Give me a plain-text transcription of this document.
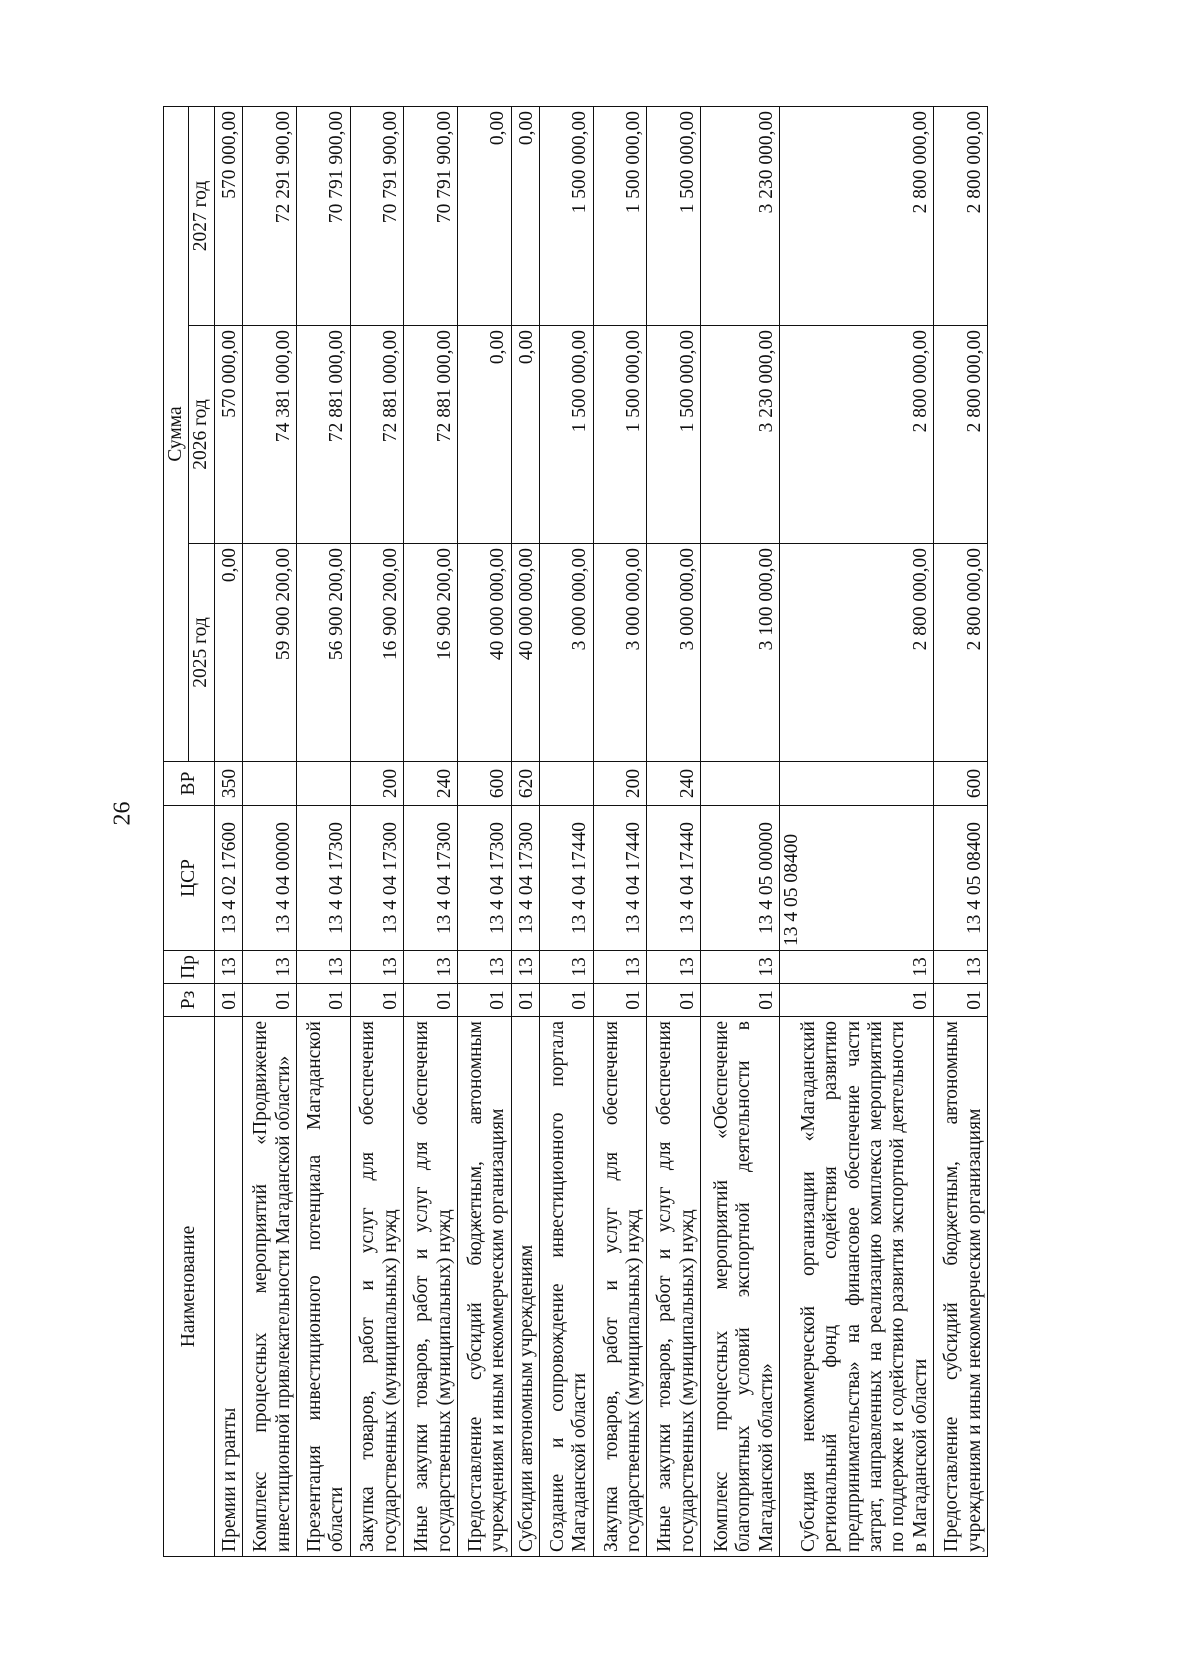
26
Наименование	Рз	Пр	ЦСР	ВР	Сумма		
					2025 год	2026 год	2027 год
Премии и гранты	01	13	13 4 02 17600	350	0,00	570 000,00	570 000,00
Комплекс процессных мероприятий «Продвижение инвестиционной привлекательности Магаданской области»	01	13	13 4 04 00000		59 900 200,00	74 381 000,00	72 291 900,00
Презентация инвестиционного потенциала Магаданской области	01	13	13 4 04 17300		56 900 200,00	72 881 000,00	70 791 900,00
Закупка товаров, работ и услуг для обеспечения государственных (муниципальных) нужд	01	13	13 4 04 17300	200	16 900 200,00	72 881 000,00	70 791 900,00
Иные закупки товаров, работ и услуг для обеспечения государственных (муниципальных) нужд	01	13	13 4 04 17300	240	16 900 200,00	72 881 000,00	70 791 900,00
Предоставление субсидий бюджетным, автономным учреждениям и иным некоммерческим организациям	01	13	13 4 04 17300	600	40 000 000,00	0,00	0,00
Субсидии автономным учреждениям	01	13	13 4 04 17300	620	40 000 000,00	0,00	0,00
Создание и сопровождение инвестиционного портала Магаданской области	01	13	13 4 04 17440		3 000 000,00	1 500 000,00	1 500 000,00
Закупка товаров, работ и услуг для обеспечения государственных (муниципальных) нужд	01	13	13 4 04 17440	200	3 000 000,00	1 500 000,00	1 500 000,00
Иные закупки товаров, работ и услуг для обеспечения государственных (муниципальных) нужд	01	13	13 4 04 17440	240	3 000 000,00	1 500 000,00	1 500 000,00
Комплекс процессных мероприятий «Обеспечение благоприятных условий экспортной деятельности в Магаданской области»	01	13	13 4 05 00000		3 100 000,00	3 230 000,00	3 230 000,00
Субсидия некоммерческой организации «Магаданский региональный фонд содействия развитию предпринимательства» на финансовое обеспечение части затрат, направленных на реализацию комплекса мероприятий по поддержке и содействию развития экспортной деятельности в Магаданской области	01	13	13 4 05 08400		2 800 000,00	2 800 000,00	2 800 000,00
Предоставление субсидий бюджетным, автономным учреждениям и иным некоммерческим организациям	01	13	13 4 05 08400	600	2 800 000,00	2 800 000,00	2 800 000,00
